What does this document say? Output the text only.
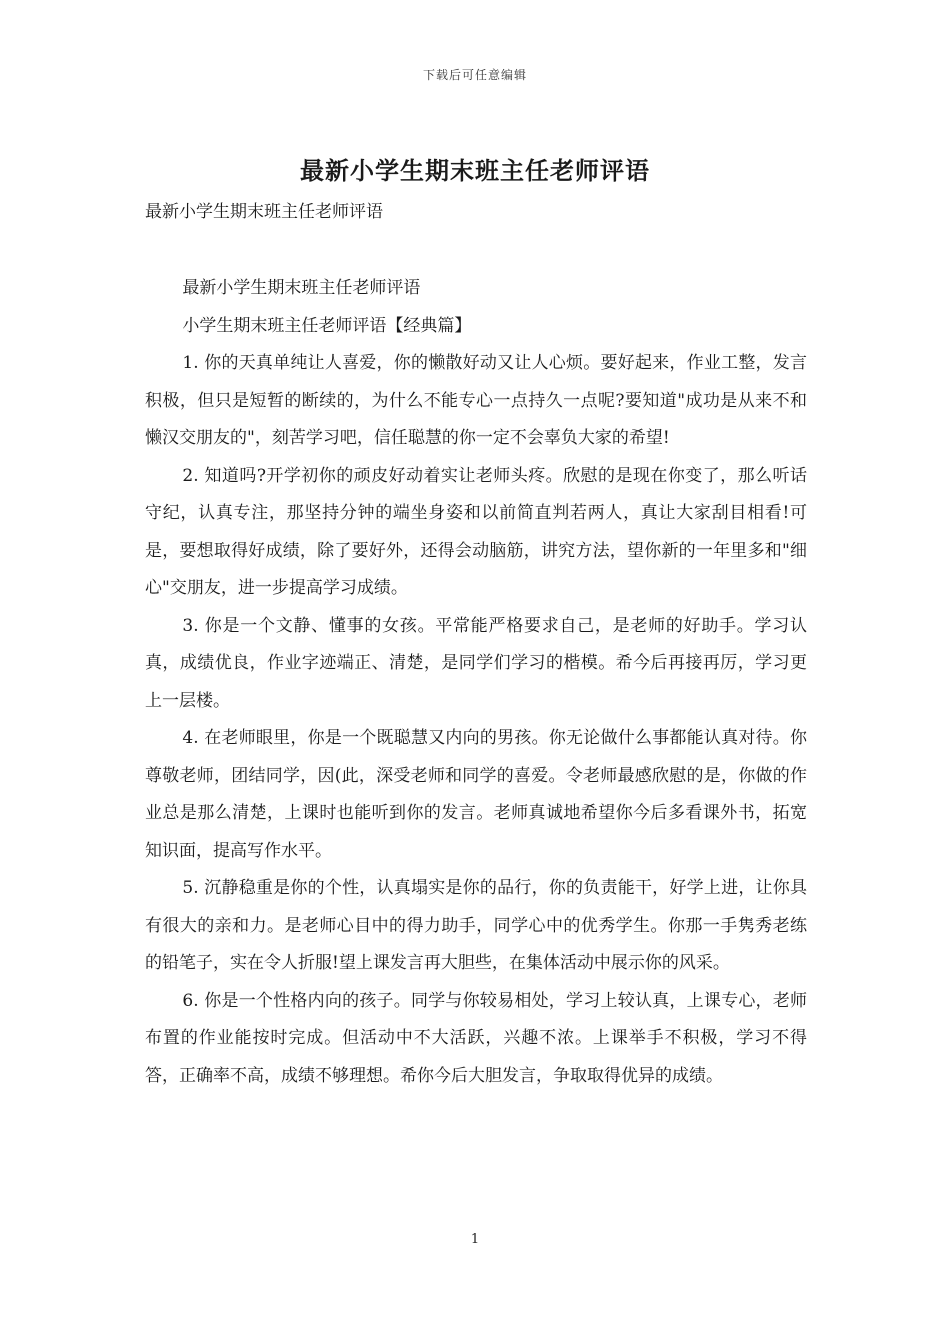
下载后可任意编辑
最新小学生期末班主任老师评语
最新小学生期末班主任老师评语

最新小学生期末班主任老师评语

小学生期末班主任老师评语【经典篇】

1. 你的天真单纯让人喜爱，你的懒散好动又让人心烦。要好起来，作业工整，发言积极，但只是短暂的断续的，为什么不能专心一点持久一点呢?要知道"成功是从来不和懒汉交朋友的"，刻苦学习吧，信任聪慧的你一定不会辜负大家的希望!

2. 知道吗?开学初你的顽皮好动着实让老师头疼。欣慰的是现在你变了，那么听话守纪，认真专注，那坚持分钟的端坐身姿和以前简直判若两人，真让大家刮目相看!可是，要想取得好成绩，除了要好外，还得会动脑筋，讲究方法，望你新的一年里多和"细心"交朋友，进一步提高学习成绩。

3. 你是一个文静、懂事的女孩。平常能严格要求自己，是老师的好助手。学习认真，成绩优良，作业字迹端正、清楚，是同学们学习的楷模。希今后再接再厉，学习更上一层楼。

4. 在老师眼里，你是一个既聪慧又内向的男孩。你无论做什么事都能认真对待。你尊敬老师，团结同学，因(此，深受老师和同学的喜爱。令老师最感欣慰的是，你做的作业总是那么清楚，上课时也能听到你的发言。老师真诚地希望你今后多看课外书，拓宽知识面，提高写作水平。

5. 沉静稳重是你的个性，认真塌实是你的品行，你的负责能干，好学上进，让你具有很大的亲和力。是老师心目中的得力助手，同学心中的优秀学生。你那一手隽秀老练的铅笔子，实在令人折服!望上课发言再大胆些，在集体活动中展示你的风采。

6. 你是一个性格内向的孩子。同学与你较易相处，学习上较认真，上课专心，老师布置的作业能按时完成。但活动中不大活跃，兴趣不浓。上课举手不积极，学习不得答，正确率不高，成绩不够理想。希你今后大胆发言，争取取得优异的成绩。

1
